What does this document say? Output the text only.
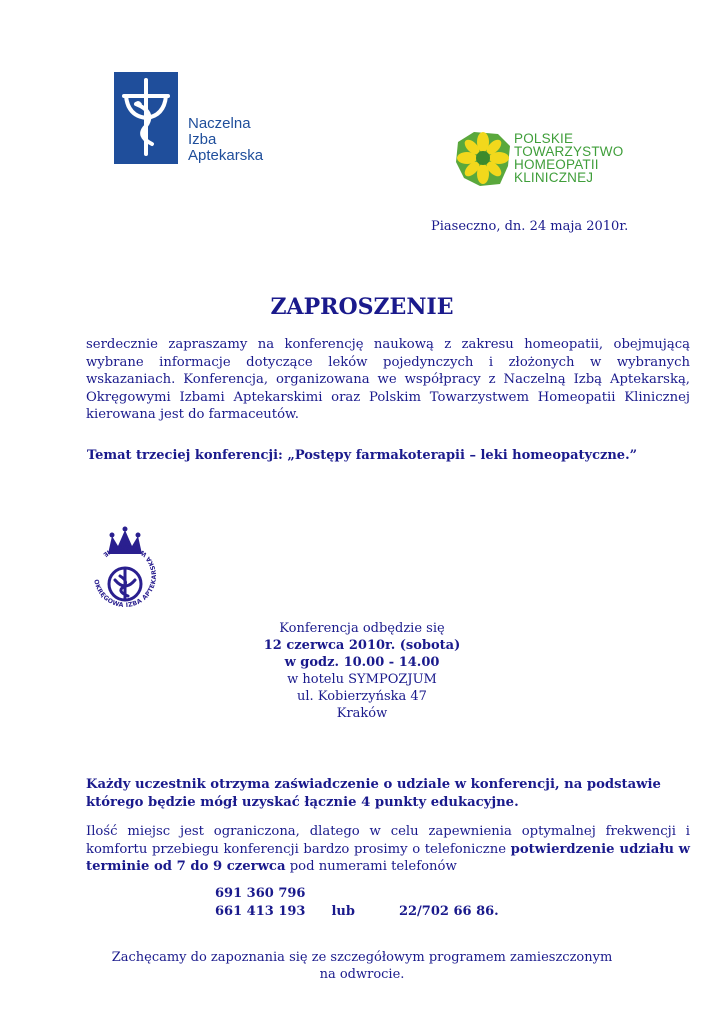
Naczelna
Izba
Aptekarska
POLSKIE
TOWARZYSTWO
HOMEOPATII
KLINICZNEJ
Piaseczno, dn. 24 maja 2010r.
ZAPROSZENIE
serdecznie zapraszamy na konferencję naukową z zakresu homeopatii, obejmującą wybrane informacje dotyczące leków pojedynczych i złożonych w wybranych wskazaniach. Konferencja, organizowana we współpracy z Naczelną Izbą Aptekarską, Okręgowymi Izbami Aptekarskimi oraz Polskim Towarzystwem Homeopatii Klinicznej kierowana jest do farmaceutów.
Temat trzeciej konferencji: „Postępy farmakoterapii – leki homeopatyczne.”
OKRĘGOWA IZBA APTEKARSKA W KRAKOWIE
Konferencja odbędzie się
12 czerwca 2010r. (sobota)
w godz. 10.00 - 14.00
w hotelu SYMPOZJUM
ul. Kobierzyńska 47
Kraków
Każdy uczestnik otrzyma zaświadczenie o udziale w konferencji, na podstawie którego będzie mógł uzyskać łącznie 4 punkty edukacyjne.
Ilość miejsc jest ograniczona, dlatego w celu zapewnienia optymalnej frekwencji i komfortu przebiegu konferencji bardzo prosimy o telefoniczne potwierdzenie udziału w terminie od 7 do 9 czerwca pod numerami telefonów
691 360 796
661 413 193 lub	22/702 66 86.
Zachęcamy do zapoznania się ze szczegółowym programem zamieszczonym
na odwrocie.
